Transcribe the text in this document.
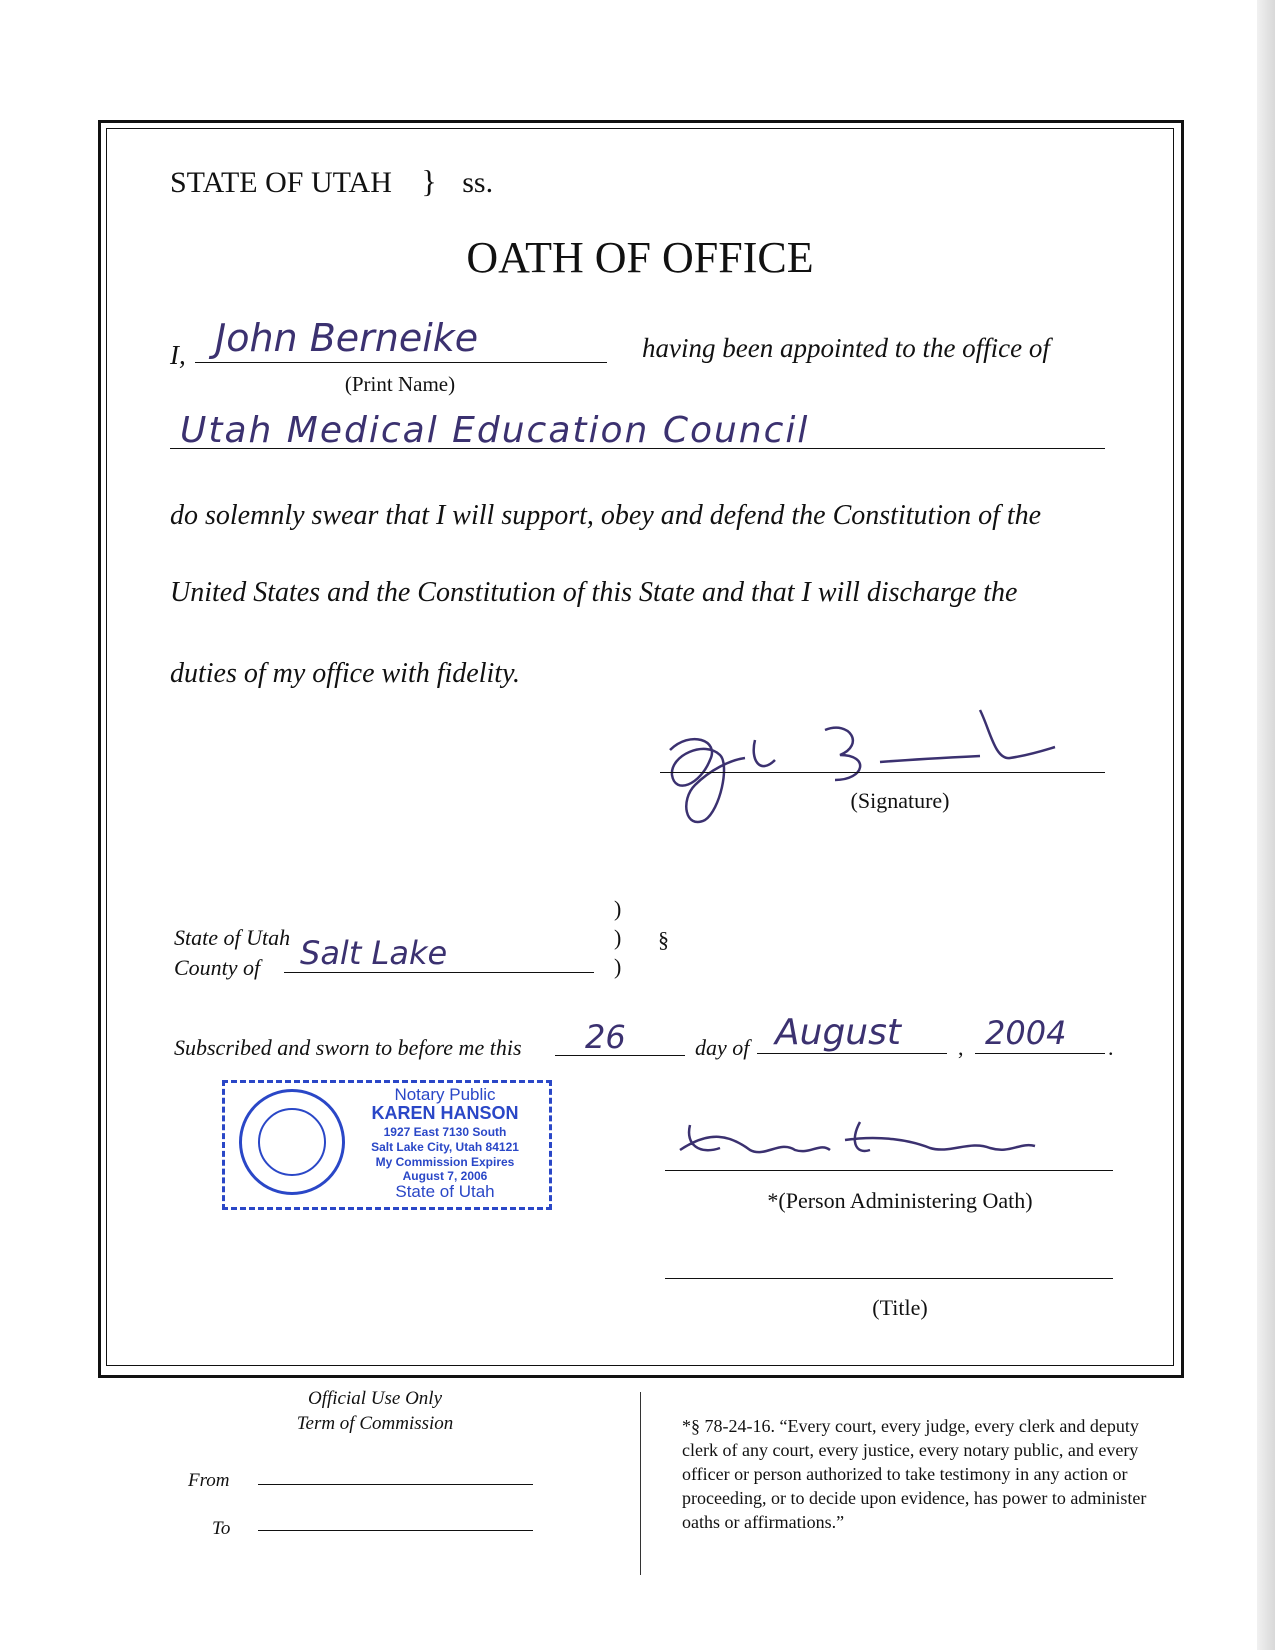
STATE OF UTAH } ss.
OATH OF OFFICE
I, John Berneike
(Print Name)
having been appointed to the office of
Utah Medical Education Council
do solemnly swear that I will support, obey and defend the Constitution of the
United States and the Constitution of this State and that I will discharge the
duties of my office with fidelity.
(Signature)
State of Utah
County of Salt Lake
)
)
)
§
Subscribed and sworn to before me this 26	day of August	, 2004 .
Notary Public
KAREN HANSON
1927 East 7130 South
Salt Lake City, Utah 84121
My Commission Expires
August 7, 2006
State of Utah	*(Person Administering Oath)
(Title)
Official Use Only
Term of Commission
From
To
*§ 78-24-16. “Every court, every judge, every clerk and deputy clerk of any court, every justice, every notary public, and every officer or person authorized to take testimony in any action or proceeding, or to decide upon evidence, has power to administer oaths or affirmations.”
